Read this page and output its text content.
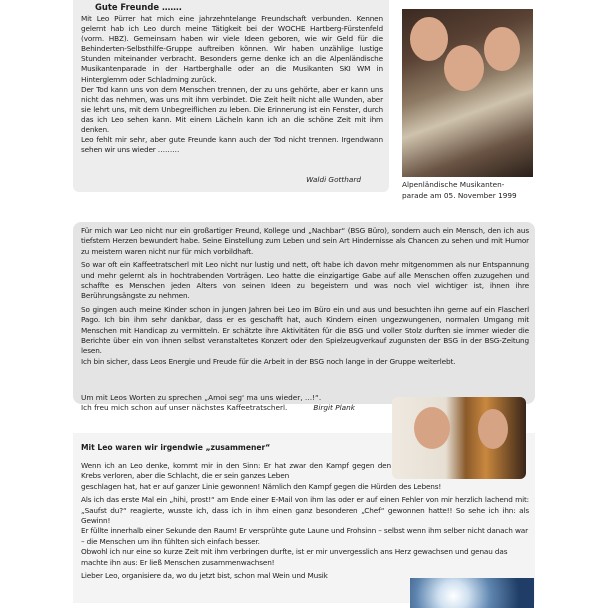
Gute Freunde …….

Mit Leo Pürrer hat mich eine jahrzehntelange Freundschaft verbunden. Kennen gelernt hab ich Leo durch meine Tätigkeit bei der WOCHE Hartberg-Fürstenfeld (vorm. HBZ). Gemeinsam haben wir viele Ideen geboren, wie wir Geld für die Behinderten-Selbsthilfe-Gruppe auftreiben können. Wir haben unzählige lustige Stunden miteinander verbracht. Besonders gerne denke ich an die Alpenländische Musikantenparade in der Hartberghalle oder an die Musikanten SKI WM in Hinterglemm oder Schladming zurück.

Der Tod kann uns von dem Menschen trennen, der zu uns gehörte, aber er kann uns nicht das nehmen, was uns mit ihm verbindet. Die Zeit heilt nicht alle Wunden, aber sie lehrt uns, mit dem Unbegreiflichen zu leben. Die Erinnerung ist ein Fenster, durch das ich Leo sehen kann. Mit einem Lächeln kann ich an die schöne Zeit mit ihm denken.

Leo fehlt mir sehr, aber gute Freunde kann auch der Tod nicht trennen. Irgendwann sehen wir uns wieder ………

Waldi Gotthard
Alpenländische Musikanten-
parade am 05. November 1999

Für mich war Leo nicht nur ein großartiger Freund, Kollege und „Nachbar“ (BSG Büro), sondern auch ein Mensch, den ich aus tiefstem Herzen bewundert habe. Seine Einstellung zum Leben und sein Art Hindernisse als Chancen zu sehen und mit Humor zu meistern waren nicht nur für mich vorbildhaft.

So war oft ein Kaffeetratscherl mit Leo nicht nur lustig und nett, oft habe ich davon mehr mitgenommen als nur Entspannung und mehr gelernt als in hochtrabenden Vorträgen. Leo hatte die einzigartige Gabe auf alle Menschen offen zuzugehen und schaffte es Menschen jeden Alters von seinen Ideen zu begeistern und was noch viel wichtiger ist, ihnen ihre Berührungsängste zu nehmen.

So gingen auch meine Kinder schon in jungen Jahren bei Leo im Büro ein und aus und besuchten ihn gerne auf ein Flascherl Pago. Ich bin ihm sehr dankbar, dass er es geschafft hat, auch Kindern einen ungezwungenen, normalen Umgang mit Menschen mit Handicap zu vermitteln. Er schätzte ihre Aktivitäten für die BSG und voller Stolz durften sie immer wieder die Berichte über ein von ihnen selbst veranstaltetes Konzert oder den Spielzeugverkauf zugunsten der BSG in der BSG-Zeitung lesen.

Ich bin sicher, dass Leos Energie und Freude für die Arbeit in der BSG noch lange in der Gruppe weiterlebt.

Um mit Leos Worten zu sprechen „Amoi seg' ma uns wieder, …!“.
Ich freu mich schon auf unser nächstes Kaffeetratscherl.	Birgit Plank
Mit Leo waren wir irgendwie „zusammener“

Wenn ich an Leo denke, kommt mir in den Sinn: Er hat zwar den Kampf gegen den Krebs verloren, aber die Schlacht, die er sein ganzes Leben

geschlagen hat, hat er auf ganzer Linie gewonnen! Nämlich den Kampf gegen die Hürden des Lebens!

Als ich das erste Mal ein „hihi, prost!“ am Ende einer E-Mail von ihm las oder er auf einen Fehler von mir herzlich lachend mit: „Saufst du?“ reagierte, wusste ich, dass ich in ihm einen ganz besonderen „Chef“ gewonnen hatte!! So sehe ich ihn: als Gewinn!

Er füllte innerhalb einer Sekunde den Raum! Er versprühte gute Laune und Frohsinn – selbst wenn ihm selber nicht danach war – die Menschen um ihn fühlten sich einfach besser.

Obwohl ich nur eine so kurze Zeit mit ihm verbringen durfte, ist er mir unvergesslich ans Herz gewachsen und genau das machte ihn aus: Er ließ Menschen zusammenwachsen!

Lieber Leo, organisiere da, wo du jetzt bist, schon mal Wein und Musik
